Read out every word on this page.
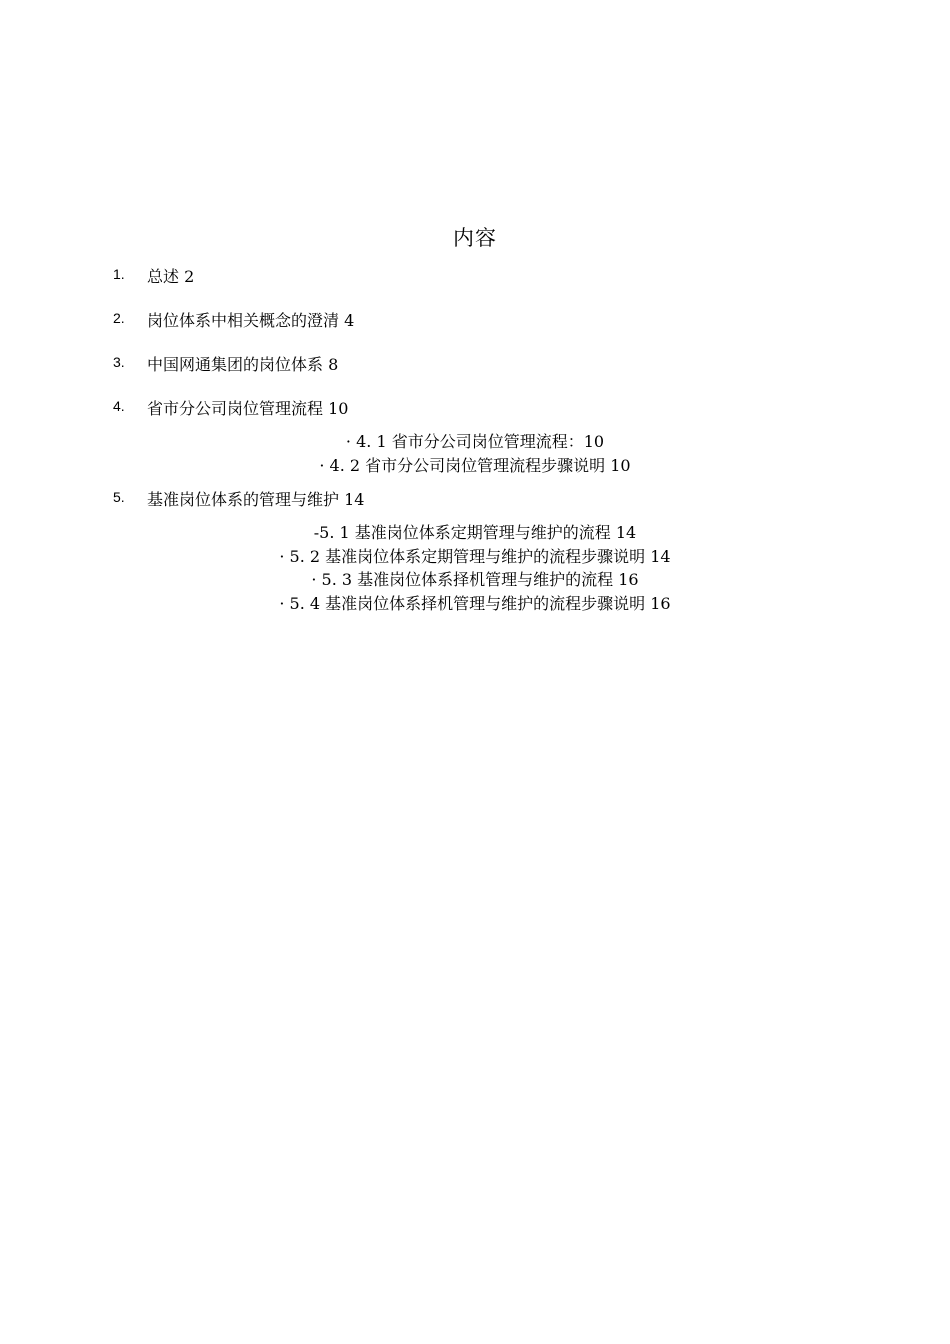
内容
1. 总述 2
2. 岗位体系中相关概念的澄清 4
3. 中国网通集团的岗位体系 8
4. 省市分公司岗位管理流程 10
· 4. 1 省市分公司岗位管理流程：10
· 4. 2 省市分公司岗位管理流程步骤说明 10
5. 基准岗位体系的管理与维护 14
-5. 1 基准岗位体系定期管理与维护的流程 14
· 5. 2 基准岗位体系定期管理与维护的流程步骤说明 14
· 5. 3 基准岗位体系择机管理与维护的流程 16
· 5. 4 基准岗位体系择机管理与维护的流程步骤说明 16
